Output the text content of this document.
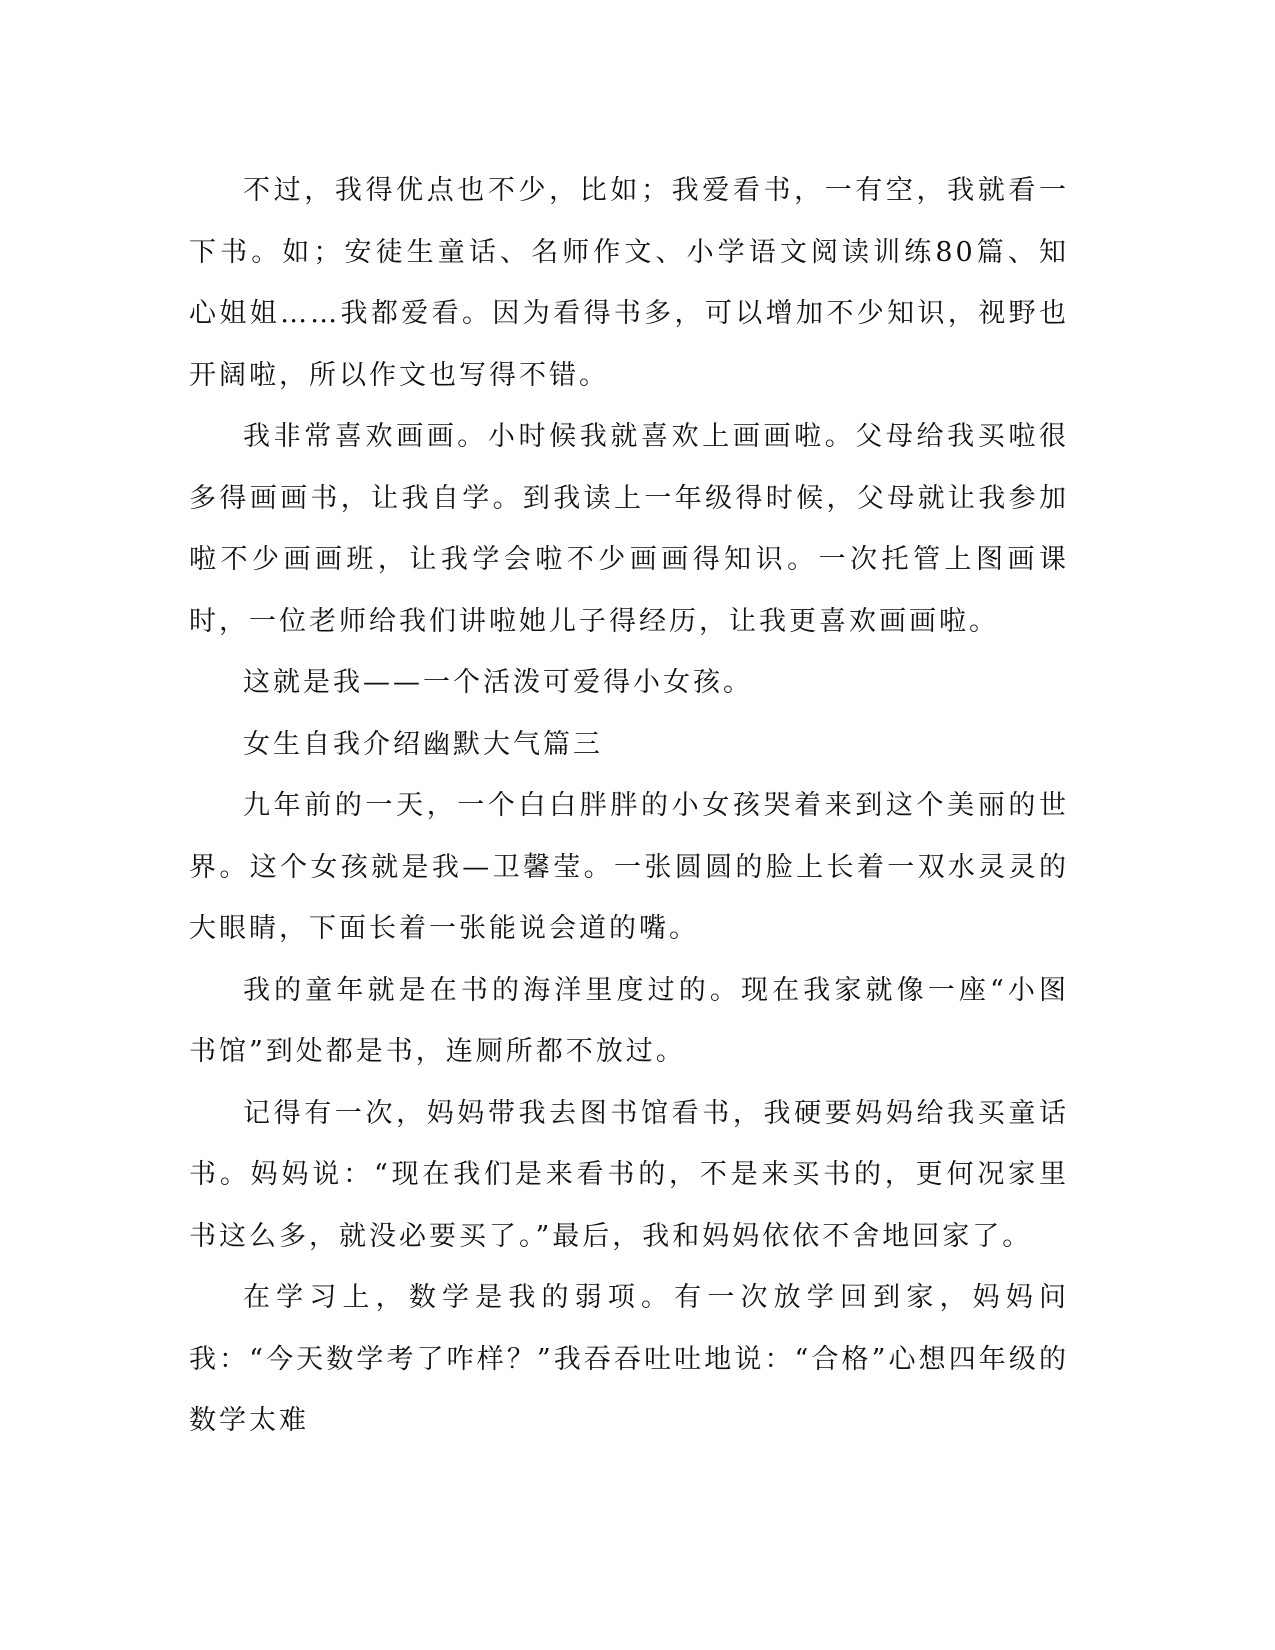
不过，我得优点也不少，比如；我爱看书，一有空，我就看一下书。如；安徒生童话、名师作文、小学语文阅读训练80篇、知心姐姐……我都爱看。因为看得书多，可以增加不少知识，视野也开阔啦，所以作文也写得不错。

我非常喜欢画画。小时候我就喜欢上画画啦。父母给我买啦很多得画画书，让我自学。到我读上一年级得时候，父母就让我参加啦不少画画班，让我学会啦不少画画得知识。一次托管上图画课时，一位老师给我们讲啦她儿子得经历，让我更喜欢画画啦。

这就是我——一个活泼可爱得小女孩。

女生自我介绍幽默大气篇三

九年前的一天，一个白白胖胖的小女孩哭着来到这个美丽的世界。这个女孩就是我—卫馨莹。一张圆圆的脸上长着一双水灵灵的大眼睛，下面长着一张能说会道的嘴。

我的童年就是在书的海洋里度过的。现在我家就像一座“小图书馆”到处都是书，连厕所都不放过。

记得有一次，妈妈带我去图书馆看书，我硬要妈妈给我买童话书。妈妈说：“现在我们是来看书的，不是来买书的，更何况家里书这么多，就没必要买了。”最后，我和妈妈依依不舍地回家了。

在学习上，数学是我的弱项。有一次放学回到家，妈妈问我：“今天数学考了咋样？”我吞吞吐吐地说：“合格”心想四年级的数学太难
